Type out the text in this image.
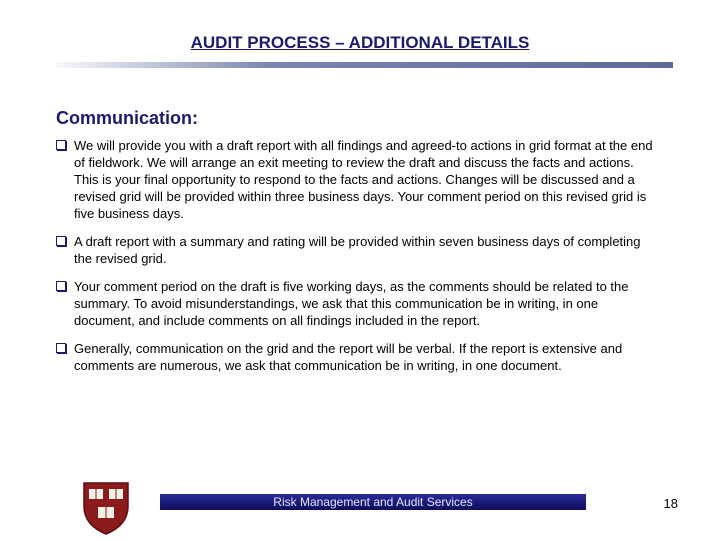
AUDIT PROCESS – ADDITIONAL DETAILS
Communication:
We will provide you with a draft report with all findings and agreed-to actions in grid format at the end of fieldwork. We will arrange an exit meeting to review the draft and discuss the facts and actions. This is your final opportunity to respond to the facts and actions. Changes will be discussed and a revised grid will be provided within three business days. Your comment period on this revised grid is five business days.
A draft report with a summary and rating will be provided within seven business days of completing the revised grid.
Your comment period on the draft is five working days, as the comments should be related to the summary. To avoid misunderstandings, we ask that this communication be in writing, in one document, and include comments on all findings included in the report.
Generally, communication on the grid and the report will be verbal. If the report is extensive and comments are numerous, we ask that communication be in writing, in one document.
Risk Management and Audit Services	18
